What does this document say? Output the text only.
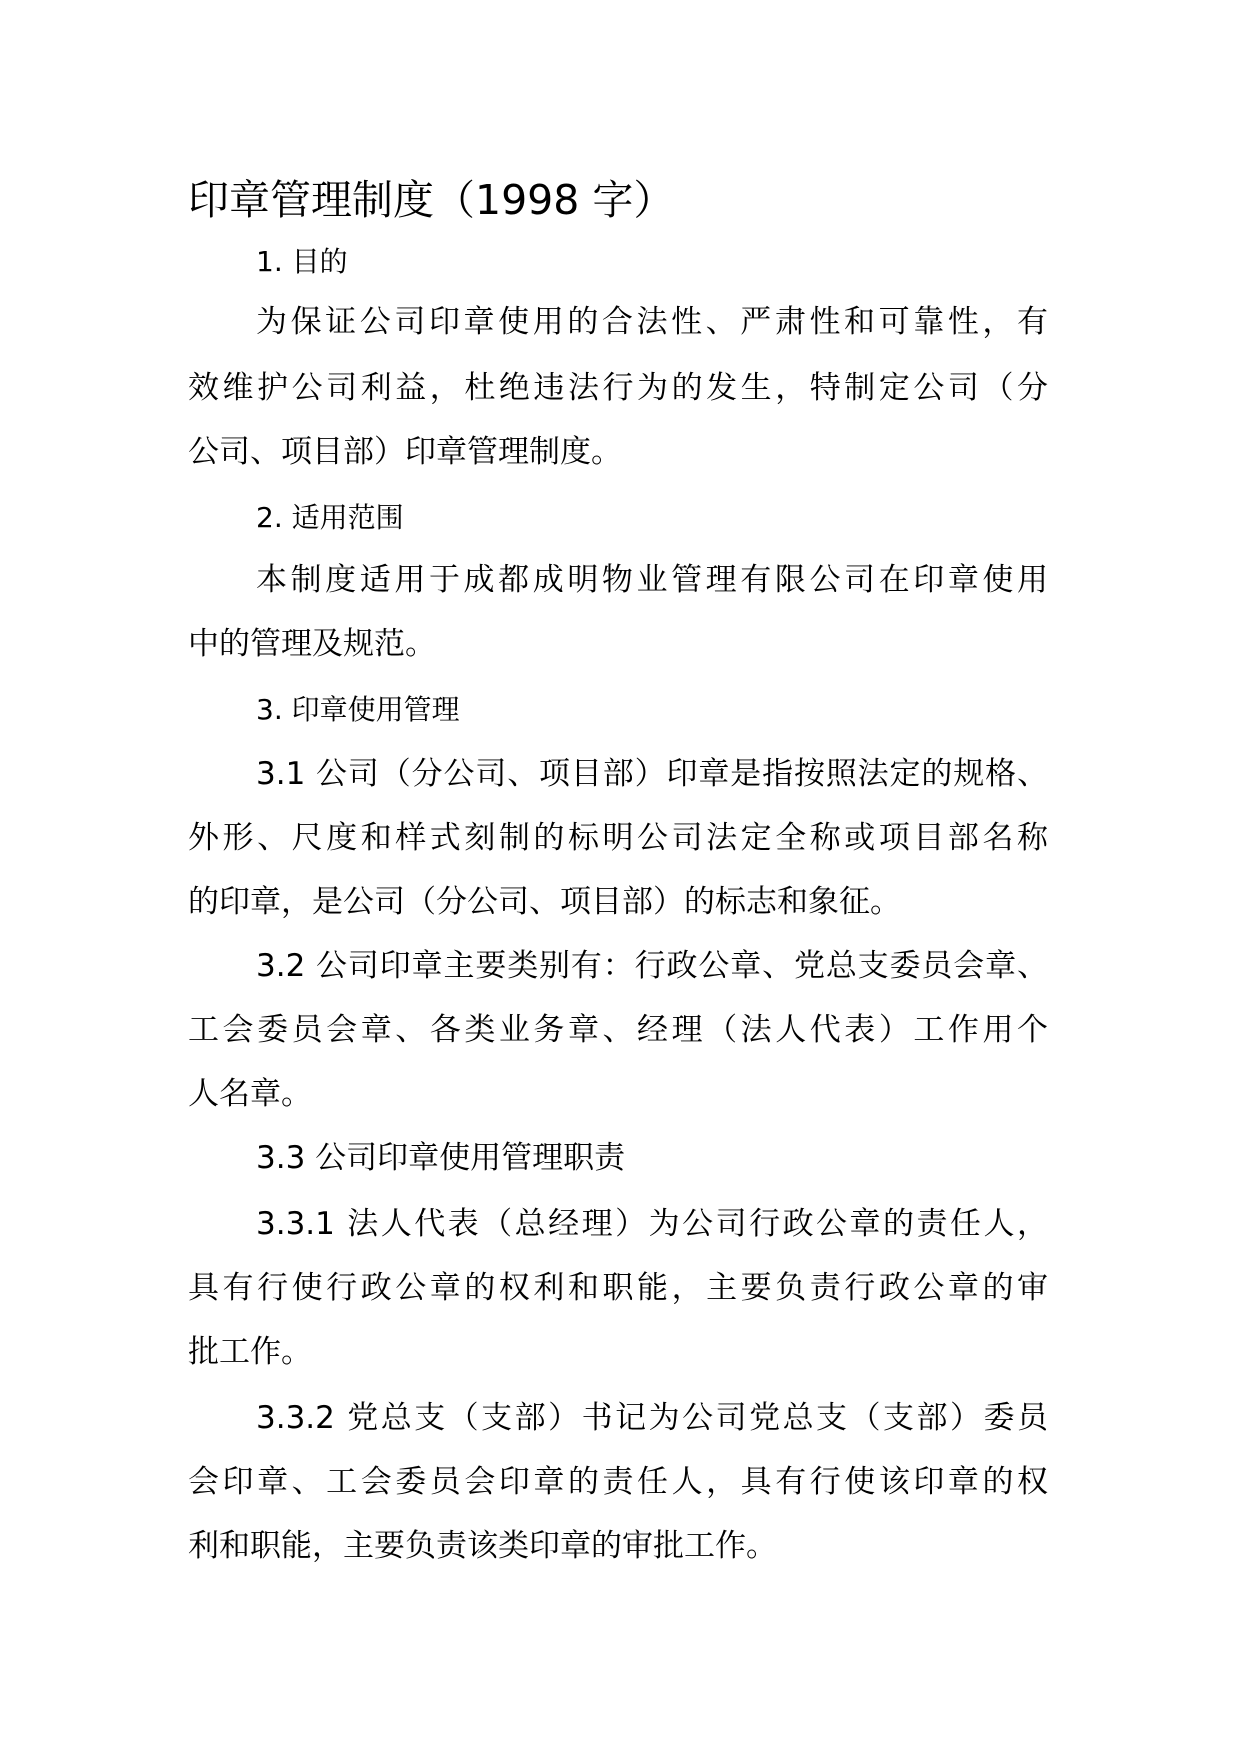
印章管理制度（1998 字）
1. 目的
为保证公司印章使用的合法性、严肃性和可靠性，有
效维护公司利益，杜绝违法行为的发生，特制定公司（分
公司、项目部）印章管理制度。
2. 适用范围
本制度适用于成都成明物业管理有限公司在印章使用
中的管理及规范。
3. 印章使用管理
3.1 公司（分公司、项目部）印章是指按照法定的规格、
外形、尺度和样式刻制的标明公司法定全称或项目部名称
的印章，是公司（分公司、项目部）的标志和象征。
3.2 公司印章主要类别有：行政公章、党总支委员会章、
工会委员会章、各类业务章、经理（法人代表）工作用个
人名章。
3.3 公司印章使用管理职责
3.3.1 法人代表（总经理）为公司行政公章的责任人，
具有行使行政公章的权利和职能，主要负责行政公章的审
批工作。
3.3.2 党总支（支部）书记为公司党总支（支部）委员
会印章、工会委员会印章的责任人，具有行使该印章的权
利和职能，主要负责该类印章的审批工作。
